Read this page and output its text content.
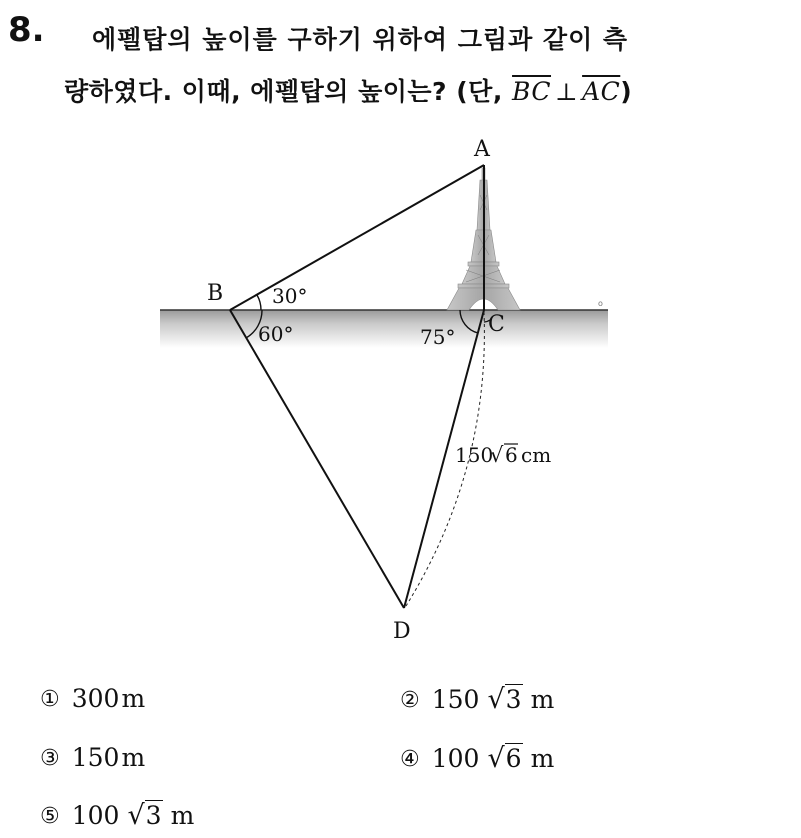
8. 에펠탑의 높이를 구하기 위하여 그림과 같이 측
량하였다. 이때, 에펠탑의 높이는? (단, $\overline{BC}$ ⊥ $\overline{AC}$)
o
A
B
C
D
30°
60°	75°
150
√ 6 cm
① 300m	② 150 √3 m
③ 150m	④ 100 √6 m
⑤ 100 √3 m
